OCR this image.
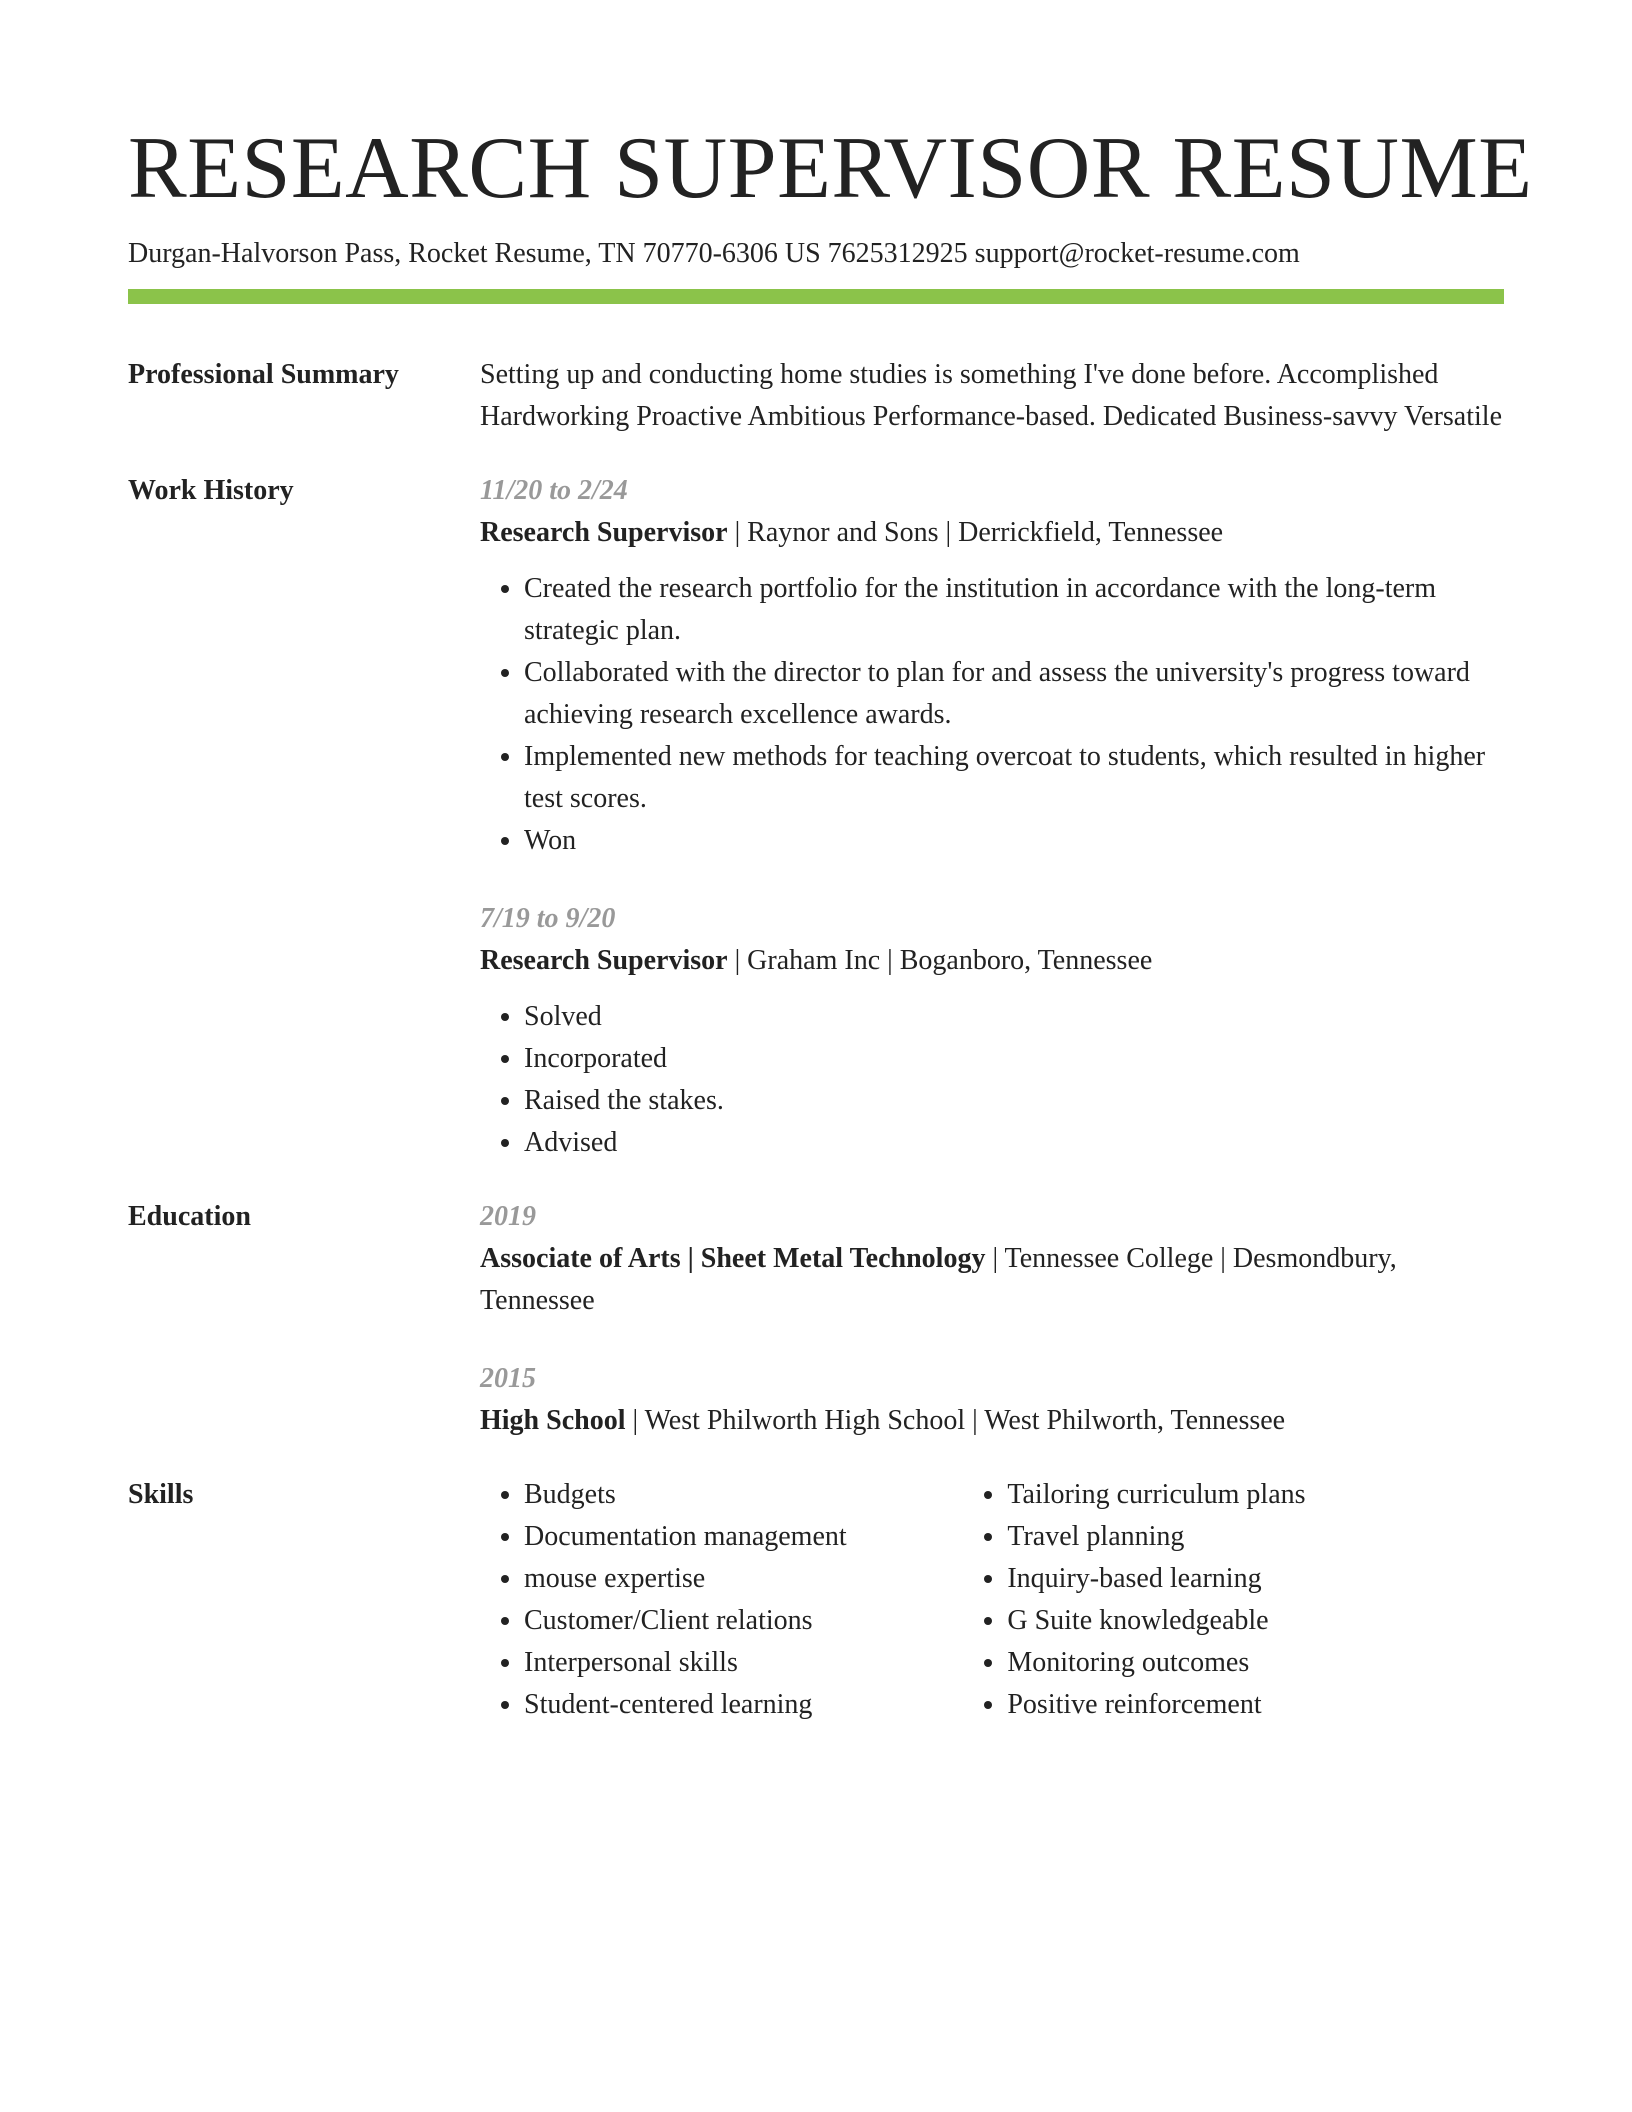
RESEARCH SUPERVISOR RESUME
Durgan-Halvorson Pass, Rocket Resume, TN 70770-6306 US 7625312925 support@rocket-resume.com
Professional Summary	Setting up and conducting home studies is something I've done before. Accomplished Hardworking Proactive Ambitious Performance-based. Dedicated Business-savvy Versatile
Work History	11/20 to 2/24
Research Supervisor | Raynor and Sons | Derrickfield, Tennessee
• Created the research portfolio for the institution in accordance with the long-term strategic plan.
• Collaborated with the director to plan for and assess the university's progress toward achieving research excellence awards.
• Implemented new methods for teaching overcoat to students, which resulted in higher test scores.
• Won
7/19 to 9/20
Research Supervisor | Graham Inc | Boganboro, Tennessee
• Solved
• Incorporated
• Raised the stakes.
• Advised
Education	2019
Associate of Arts | Sheet Metal Technology | Tennessee College | Desmondbury, Tennessee
2015
High School | West Philworth High School | West Philworth, Tennessee
Skills
•	Budgets
• Documentation management
• mouse expertise
• Customer/Client relations
• Interpersonal skills
• Student-centered learning
• Tailoring curriculum plans
• Travel planning
• Inquiry-based learning
• G Suite knowledgeable
• Monitoring outcomes
• Positive reinforcement
